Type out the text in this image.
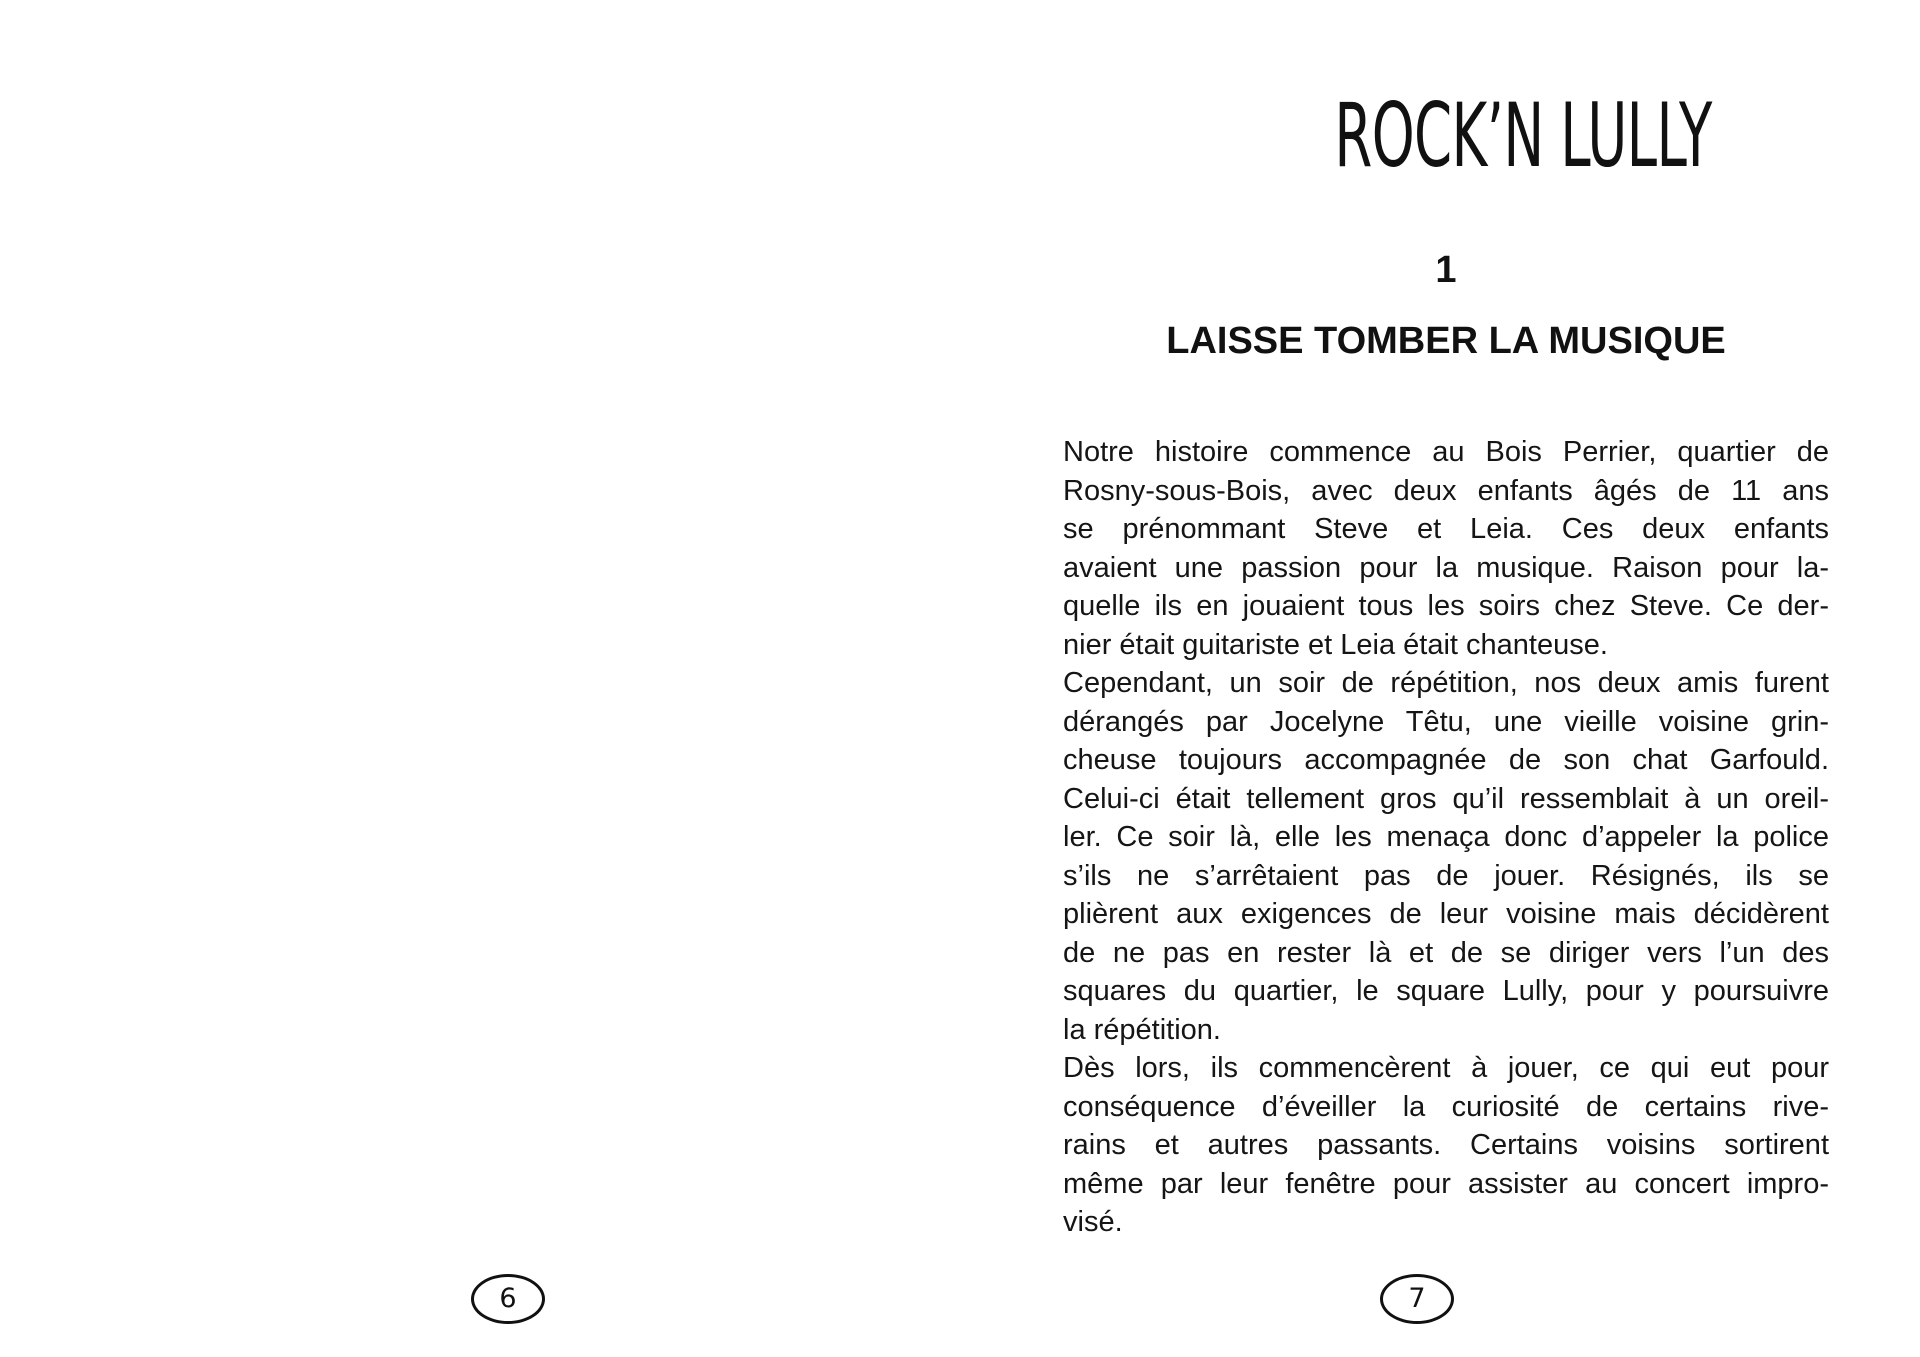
6
ROCK’N LULLY
1
LAISSE TOMBER LA MUSIQUE
Notre histoire commence au Bois Perrier, quartier de
Rosny-sous-Bois, avec deux enfants âgés de 11 ans
se prénommant Steve et Leia. Ces deux enfants
avaient une passion pour la musique. Raison pour la-
quelle ils en jouaient tous les soirs chez Steve. Ce der-
nier était guitariste et Leia était chanteuse.
Cependant, un soir de répétition, nos deux amis furent
dérangés par Jocelyne Têtu, une vieille voisine grin-
cheuse toujours accompagnée de son chat Garfould.
Celui-ci était tellement gros qu’il ressemblait à un oreil-
ler. Ce soir là, elle les menaça donc d’appeler la police
s’ils ne s’arrêtaient pas de jouer. Résignés, ils se
plièrent aux exigences de leur voisine mais décidèrent
de ne pas en rester là et de se diriger vers l’un des
squares du quartier, le square Lully, pour y poursuivre
la répétition.
Dès lors, ils commencèrent à jouer, ce qui eut pour
conséquence d’éveiller la curiosité de certains rive-
rains et autres passants. Certains voisins sortirent
même par leur fenêtre pour assister au concert impro-
visé.
7
